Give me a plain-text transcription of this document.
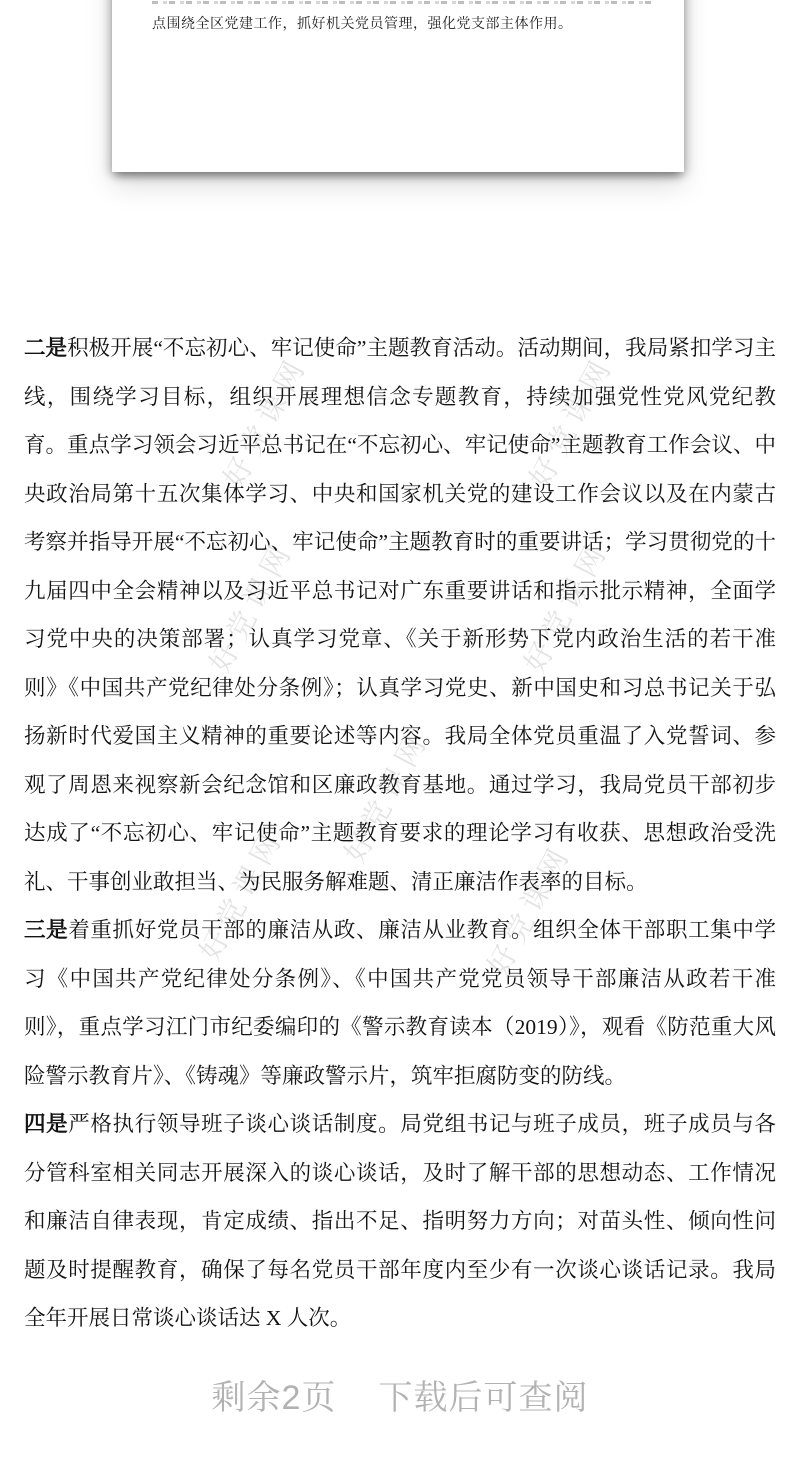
点围绕全区党建工作，抓好机关党员管理，强化党支部主体作用。

好党课网	好党课网
好党课网	好党课网
好党课网
好党课网	好党课网

二是积极开展“不忘初心、牢记使命”主题教育活动。活动期间，我局紧扣学习主线，围绕学习目标，组织开展理想信念专题教育，持续加强党性党风党纪教育。重点学习领会习近平总书记在“不忘初心、牢记使命”主题教育工作会议、中央政治局第十五次集体学习、中央和国家机关党的建设工作会议以及在内蒙古考察并指导开展“不忘初心、牢记使命”主题教育时的重要讲话；学习贯彻党的十九届四中全会精神以及习近平总书记对广东重要讲话和指示批示精神，全面学习党中央的决策部署；认真学习党章、《关于新形势下党内政治生活的若干准则》《中国共产党纪律处分条例》；认真学习党史、新中国史和习总书记关于弘扬新时代爱国主义精神的重要论述等内容。我局全体党员重温了入党誓词、参观了周恩来视察新会纪念馆和区廉政教育基地。通过学习，我局党员干部初步达成了“不忘初心、牢记使命”主题教育要求的理论学习有收获、思想政治受洗礼、干事创业敢担当、为民服务解难题、清正廉洁作表率的目标。

三是着重抓好党员干部的廉洁从政、廉洁从业教育。组织全体干部职工集中学习《中国共产党纪律处分条例》、《中国共产党党员领导干部廉洁从政若干准则》，重点学习江门市纪委编印的《警示教育读本（2019）》，观看《防范重大风险警示教育片》、《铸魂》等廉政警示片，筑牢拒腐防变的防线。

四是严格执行领导班子谈心谈话制度。局党组书记与班子成员，班子成员与各分管科室相关同志开展深入的谈心谈话，及时了解干部的思想动态、工作情况和廉洁自律表现，肯定成绩、指出不足、指明努力方向；对苗头性、倾向性问题及时提醒教育，确保了每名党员干部年度内至少有一次谈心谈话记录。我局全年开展日常谈心谈话达 X 人次。

剩余2页 下载后可查阅
